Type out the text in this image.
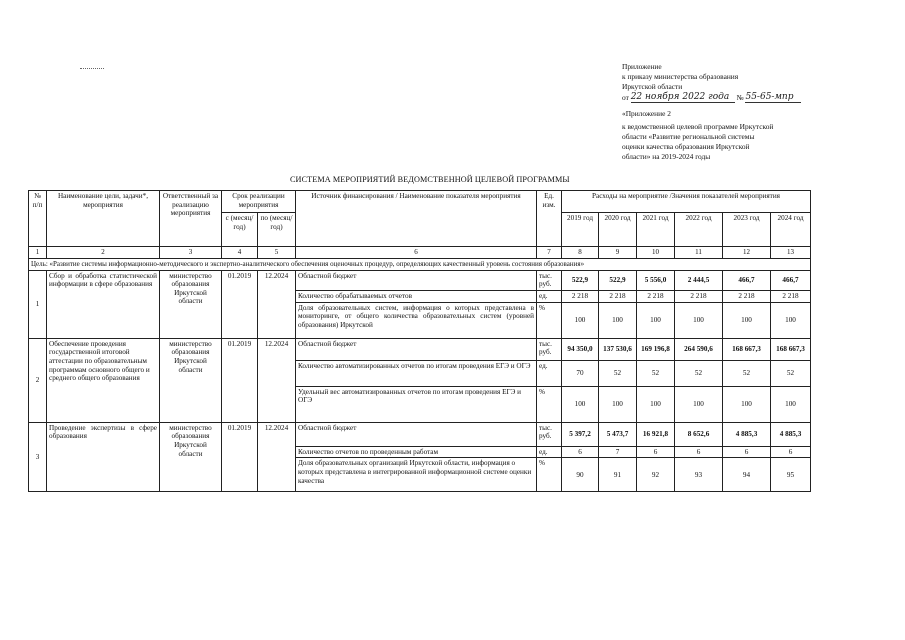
Приложение
к приказу министерства образования
Иркутской области
от 22 ноября 2022 года № 55-65-мпр
«Приложение 2
к ведомственной целевой программе Иркутской
области «Развитие региональной системы
оценки качества образования Иркутской
области» на 2019-2024 годы
СИСТЕМА МЕРОПРИЯТИЙ ВЕДОМСТВЕННОЙ ЦЕЛЕВОЙ ПРОГРАММЫ
№ п/п	Наименование цели, задачи*, мероприятия	Ответственный за реализацию мероприятия	Срок реализации мероприятия		Источник финансирования / Наименование показателя мероприятия	Ед. изм.	Расходы на мероприятие /Значения показателей мероприятия					
			с (месяц/ год)	по (месяц/ год)			2019 год	2020 год	2021 год	2022 год	2023 год	2024 год
1	2	3	4	5	6	7	8	9	10	11	12	13
Цель: «Развитие системы информационно-методического и экспертно-аналитического обеспечения оценочных процедур, определяющих качественный уровень состояния образования»												
1	Сбор и обработка статистической информации в сфере образования	министерство образования Иркутской области	01.2019	12.2024	Областной бюджет	тыс. руб.	522,9	522,9	5 556,0	2 444,5	466,7	466,7
					Количество обрабатываемых отчетов	ед.	2 218	2 218	2 218	2 218	2 218	2 218
					Доля образовательных систем, информация о которых представлена в мониторинге, от общего количества образовательных систем (уровней образования) Иркутской	%	100	100	100	100	100	100
2	Обеспечение проведения государственной итоговой аттестации по образовательным программам основного общего и среднего общего образования	министерство образования Иркутской области	01.2019	12.2024	Областной бюджет	тыс. руб.	94 350,0	137 530,6	169 196,8	264 590,6	168 667,3	168 667,3
					Количество автоматизированных отчетов по итогам проведения ЕГЭ и ОГЭ	ед.	70	52	52	52	52	52
					Удельный вес автоматизированных отчетов по итогам проведения ЕГЭ и ОГЭ	%	100	100	100	100	100	100
3	Проведение экспертизы в сфере образования	министерство образования Иркутской области	01.2019	12.2024	Областной бюджет	тыс. руб.	5 397,2	5 473,7	16 921,8	8 652,6	4 885,3	4 885,3
					Количество отчетов по проведенным работам	ед.	6	7	6	6	6	6
					Доля образовательных организаций Иркутской области, информация о которых представлена в интегрированной информационной системе оценки качества	%	90	91	92	93	94	95
